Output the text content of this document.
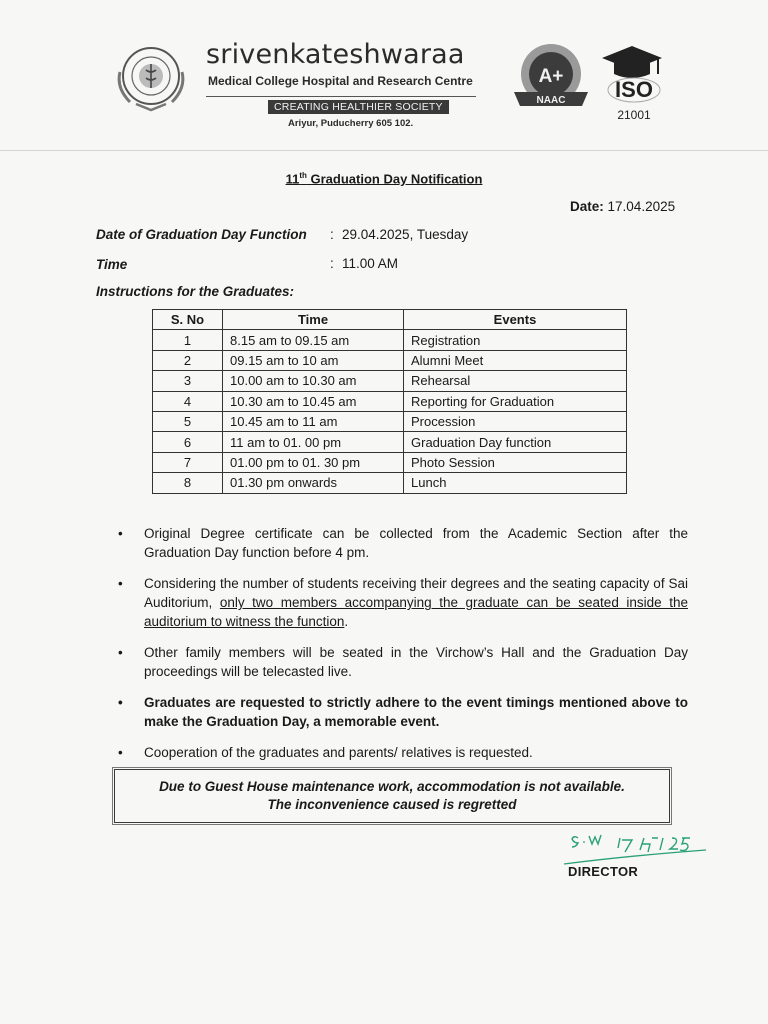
srivenkateshwaraa
Medical College Hospital and Research Centre
CREATING HEALTHIER SOCIETY
Ariyur, Puducherry 605 102.
A+
NAAC ISO
21001
11th Graduation Day Notification
Date: 17.04.2025
Date of Graduation Day Function : 29.04.2025, Tuesday
Time	: 11.00 AM
Instructions for the Graduates:
S. No	Time	Events
1	8.15 am to 09.15 am	Registration
2	09.15 am to 10 am	Alumni Meet
3	10.00 am to 10.30 am	Rehearsal
4	10.30 am to 10.45 am	Reporting for Graduation
5	10.45 am to 11 am	Procession
6	11 am to 01. 00 pm	Graduation Day function
7	01.00 pm to 01. 30 pm	Photo Session
8	01.30 pm onwards	Lunch
• Original Degree certificate can be collected from the Academic Section after the Graduation Day function before 4 pm.
• Considering the number of students receiving their degrees and the seating capacity of Sai Auditorium, only two members accompanying the graduate can be seated inside the auditorium to witness the function.
• Other family members will be seated in the Virchow’s Hall and the Graduation Day proceedings will be telecasted live.
• Graduates are requested to strictly adhere to the event timings mentioned above to make the Graduation Day, a memorable event.
• Cooperation of the graduates and parents/ relatives is requested.
Due to Guest House maintenance work, accommodation is not available.
The inconvenience caused is regretted
DIRECTOR
